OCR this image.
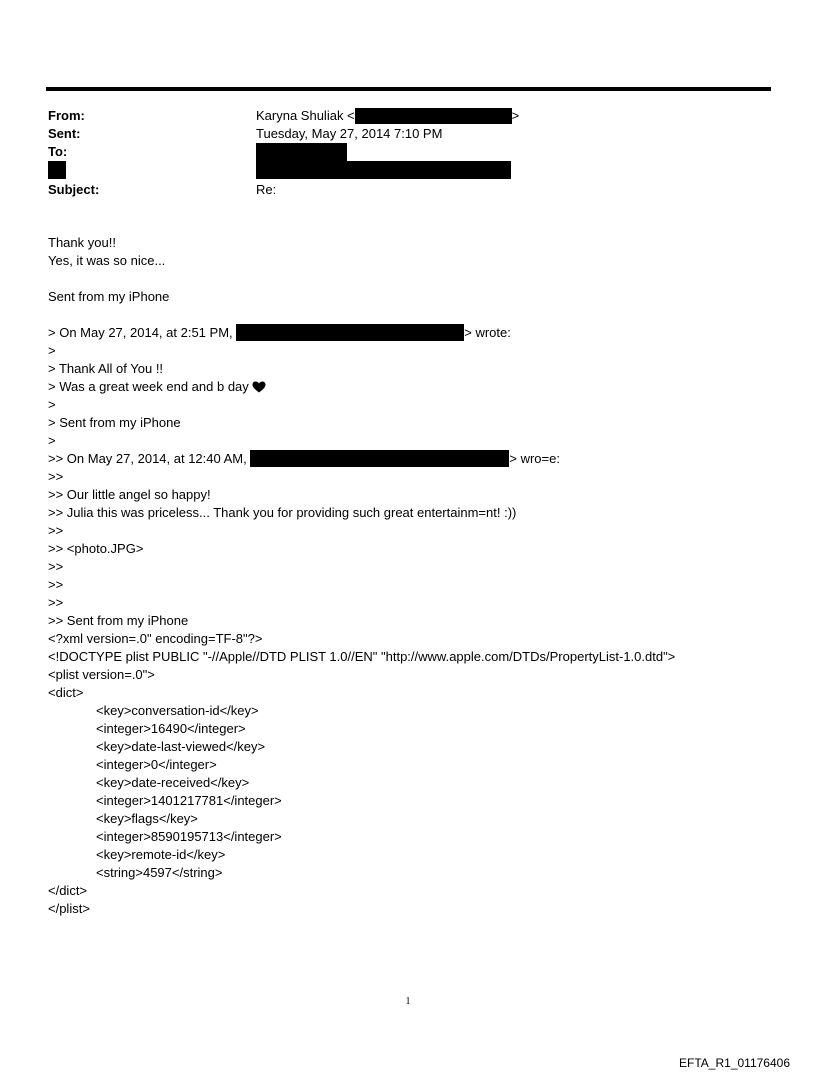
From:	Karyna Shuliak <	>
Sent:	Tuesday, May 27, 2014 7:10 PM
To:
Subject:	Re:
Thank you!!
Yes, it was so nice...
Sent from my iPhone
> On May 27, 2014, at 2:51 PM,	> wrote:
>
> Thank All of You !!
> Was a great week end and b day
>
> Sent from my iPhone
>
>> On May 27, 2014, at 12:40 AM,	> wro=e:
>>
>> Our little angel so happy!
>> Julia this was priceless... Thank you for providing such great entertainm=nt! :))
>>
>> <photo.JPG>
>>
>>
>>
>> Sent from my iPhone
<?xml version=.0" encoding=TF-8"?>
<!DOCTYPE plist PUBLIC "-//Apple//DTD PLIST 1.0//EN" "http://www.apple.com/DTDs/PropertyList-1.0.dtd">
<plist version=.0">
<dict>
<key>conversation-id</key>
<integer>16490</integer>
<key>date-last-viewed</key>
<integer>0</integer>
<key>date-received</key>
<integer>1401217781</integer>
<key>flags</key>
<integer>8590195713</integer>
<key>remote-id</key>
<string>4597</string>
</dict>
</plist>
1
EFTA_R1_01176406
